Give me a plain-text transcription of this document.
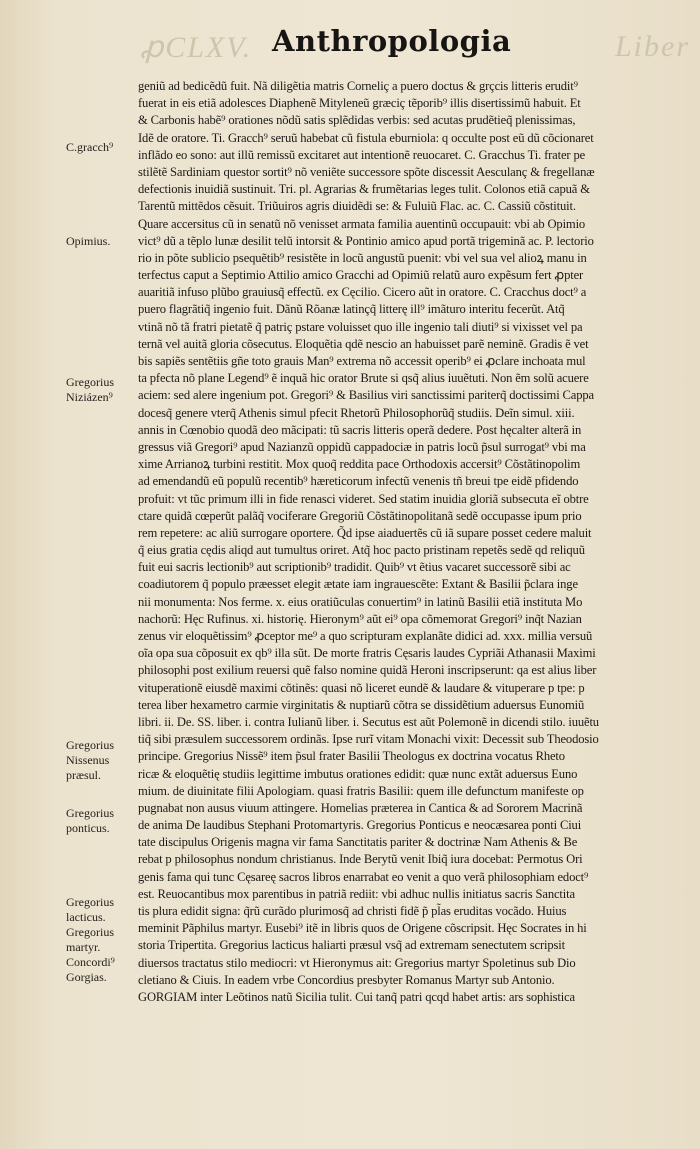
ꝓCLXV.	Liber
Anthropologia
C.gracch⁹
Opimius.
Gregorius
Niziázen⁹
Gregorius
Nissenus
præsul.
Gregorius
ponticus.
Gregorius
lacticus.
Gregorius
martyr.
Concordi⁹
Gorgias.
geniũ ad bedicẽdũ fuit. Nã diligẽtia matris Corneliç a puero doctus & grçcis litteris erudit⁹
fuerat in eis etiã adolesces Diaphenẽ Mityleneũ græciç tẽporib⁹ illis disertissimũ habuit. Et
& Carbonis habẽ⁹ orationes nõdũ satis splẽdidas verbis: sed acutas prudẽtieq̃ plenissimas,
Idẽ de oratore. Ti. Gracch⁹ seruũ habebat cũ fistula eburniola: q occulte post eũ dũ cõcionaret
inflãdo eo sono: aut illũ remissũ excitaret aut intentionẽ reuocaret. C. Gracchus Ti. frater pe
stilẽtẽ Sardiniam questor sortit⁹ nõ veniẽte successore spõte discessit Aesculanç & fregellanæ
defectionis inuidiã sustinuit. Tri. pl. Agrarias & frumẽtarias leges tulit. Colonos etiã capuã &
Tarentũ mittẽdos cẽsuit. Triũuiros agris diuidẽdi se: & Fuluiũ Flac. ac. C. Cassiũ cõstituit.
Quare accersitus cũ in senatũ nõ venisset armata familia auentinũ occupauit: vbi ab Opimio
vict⁹ dũ a tẽplo lunæ desilit telũ intorsit & Pontinio amico apud portã trigeminã ac. P. lectorio
rio in põte sublicio psequẽtib⁹ resistẽte in locũ angustũ puenit: vbi vel sua vel alioꝝ manu in
terfectus caput a Septimio Attilio amico Gracchi ad Opimiũ relatũ auro expẽsum fert ꝓpter
auaritiã infuso plũbo grauiusq̃ effectũ. ex Cęcilio. Cicero aũt in oratore. C. Cracchus doct⁹ a
puero flagrãtiq̃ ingenio fuit. Dãnũ Rõanæ latinçq̃ litterę ill⁹ imãturo interitu fecerũt. Atq̃
vtinã nõ tã fratri pietatẽ q̃ patriç pstare voluisset quo ille ingenio tali diuti⁹ si vixisset vel pa
ternã vel auitã gloria cõsecutus. Eloquẽtia qdẽ nescio an habuisset parẽ neminẽ. Gradis ẽ vet
bis sapiẽs sentẽtiis gñe toto grauis Man⁹ extrema nõ accessit operib⁹ ei ꝓclare inchoata mul
ta pfecta nõ plane Legend⁹ ẽ inquã hic orator Brute si qsq̃ alius iuuẽtuti. Non ẽm solũ acuere
aciem: sed alere ingenium pot. Gregori⁹ & Basilius viri sanctissimi pariterq̃ doctissimi Cappa
docesq̃ genere vterq̃ Athenis simul pfecit Rhetorũ Philosophorũq̃ studiis. Deĩn simul. xiii.
annis in Cœnobio quodã deo mãcipati: tũ sacris litteris operã dedere. Post hęcalter alterã in
gressus viã Gregori⁹ apud Nazianzũ oppidũ cappadociæ in patris locũ p̃sul surrogat⁹ vbi ma
xime Arrianoꝝ turbini restitit. Mox quoq̃ reddita pace Orthodoxis accersit⁹ Cõstãtinopolim
ad emendandũ eũ populũ recentib⁹ hæreticorum infectũ venenis tñ breui tpe eidẽ pfidendo
profuit: vt tũc primum illi in fide renasci videret. Sed statim inuidia gloriã subsecuta eĩ obtre
ctare quidã cœperũt palãq̃ vociferare Gregoriũ Cõstãtinopolitanã sedẽ occupasse ipum prio
rem repetere: ac aliũ surrogare oportere. Q̃d ipse aiaduertẽs cũ iã supare posset cedere maluit
q̃ eius gratia cędis aliqd aut tumultus oriret. Atq̃ hoc pacto pristinam repetẽs sedẽ qd reliquũ
fuit eui sacris lectionib⁹ aut scriptionib⁹ tradidit. Quib⁹ vt ẽtius vacaret successorẽ sibi ac
coadiutorem q̃ populo præesset elegit ætate iam ingrauescẽte: Extant & Basilii p̃clara inge
nii monumenta: Nos ferme. x. eius oratiũculas conuertim⁹ in latinũ Basilii etiã instituta Mo
nachorũ: Hęc Rufinus. xi. historię. Hieronym⁹ aũt ei⁹ opa cõmemorat Gregori⁹ inq̃t Nazian
zenus vir eloquẽtissim⁹ ꝓceptor me⁹ a quo scripturam explanãte didici ad. xxx. millia versuũ
oĩa opa sua cõposuit ex qb⁹ illa sũt. De morte fratris Cęsaris laudes Cypriãi Athanasii Maximi
philosophi post exilium reuersi quẽ falso nomine quidã Heroni inscripserunt: qa est alius liber
vituperationẽ eiusdẽ maximi cõtinẽs: quasi nõ liceret eundẽ & laudare & vituperare p tpe: p
terea liber hexametro carmie virginitatis & nuptiarũ cõtra se dissidẽtium aduersus Eunomiũ
libri. ii. De. SS. liber. i. contra Iulianũ liber. i. Secutus est aũt Polemonẽ in dicendi stilo. iuuẽtu
tiq̃ sibi præsulem successorem ordinãs. Ipse rurĩ vitam Monachi vixit: Decessit sub Theodosio
principe. Gregorius Nissẽ⁹ item p̃sul frater Basilii Theologus ex doctrina vocatus Rheto
ricæ & eloquẽtię studiis legittime imbutus orationes edidit: quæ nunc extãt aduersus Euno
mium. de diuinitate filii Apologiam. quasi fratris Basilii: quem ille defunctum manifeste op
pugnabat non ausus viuum attingere. Homelias præterea in Cantica & ad Sororem Macrinã
de anima De laudibus Stephani Protomartyris. Gregorius Ponticus e neocæsarea ponti Ciui
tate discipulus Origenis magna vir fama Sanctitatis pariter & doctrinæ Nam Athenis & Be
rebat p philosophus nondum christianus. Inde Berytũ venit Ibiq̃ iura docebat: Permotus Ori
genis fama qui tunc Cęsareę sacros libros enarrabat eo venit a quo verã philosophiam edoct⁹
est. Reuocantibus mox parentibus in patriã rediit: vbi adhuc nullis initiatus sacris Sanctita
tis plura edidit signa: q̃rũ curãdo plurimosq̃ ad christi fidẽ p̃ pl̃as eruditas vocãdo. Huius
meminit Pãphilus martyr. Eusebi⁹ itẽ in libris quos de Origene cõscripsit. Hęc Socrates in hi
storia Tripertita. Gregorius lacticus haliarti præsul vsq̃ ad extremam senectutem scripsit
diuersos tractatus stilo mediocri: vt Hieronymus ait: Gregorius martyr Spoletinus sub Dio
cletiano & Ciuis. In eadem vrbe Concordius presbyter Romanus Martyr sub Antonio.
GORGIAM inter Leõtinos natũ Sicilia tulit. Cui tanq̃ patri qcqd habet artis: ars sophistica
